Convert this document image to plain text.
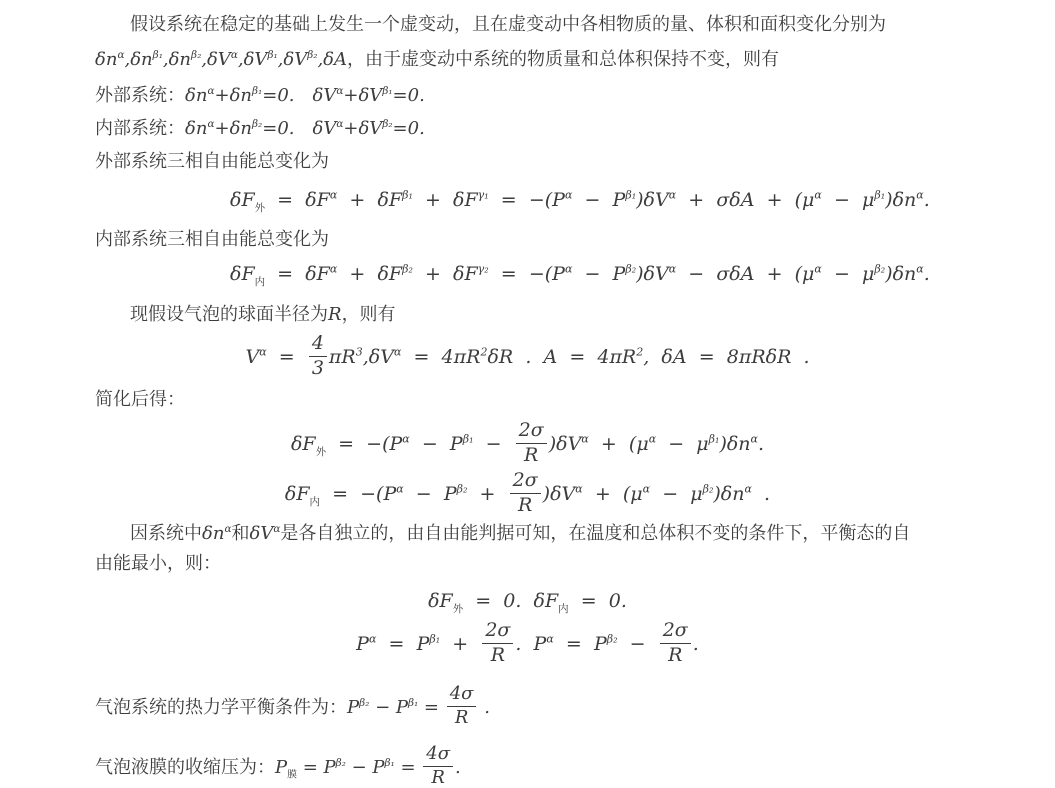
假设系统在稳定的基础上发生一个虚变动，且在虚变动中各相物质的量、体积和面积变化分别为
$\delta n^\alpha,\delta n^{\beta_1},\delta n^{\beta_2},\delta V^\alpha,\delta V^{\beta_1},\delta V^{\beta_2},\delta A$，由于虚变动中系统的物质量和总体积保持不变，则有
外部系统：$\delta n^\alpha+\delta n^{\beta_1}=0$.  $\delta V^\alpha+\delta V^{\beta_1}=0$.
内部系统：$\delta n^\alpha+\delta n^{\beta_2}=0$.  $\delta V^\alpha+\delta V^{\beta_2}=0$.
外部系统三相自由能总变化为
$\delta F_外 = \delta F^\alpha + \delta F^{\beta_1} + \delta F^{\gamma_1} = -(P^\alpha - P^{\beta_1})\delta V^\alpha + \sigma\delta A + (\mu^\alpha - \mu^{\beta_1})\delta n^\alpha$.
内部系统三相自由能总变化为
$\delta F_内 = \delta F^\alpha + \delta F^{\beta_2} + \delta F^{\gamma_2} = -(P^\alpha - P^{\beta_2})\delta V^\alpha - \sigma\delta A + (\mu^\alpha - \mu^{\beta_2})\delta n^\alpha$.
现假设气泡的球面半径为R，则有
$V^\alpha = \frac{4}{3} \pi R^3,\delta V^\alpha = 4\pi R^2\delta R$ . $A = 4\pi R^2$, δA = 8πRδR .
简化后得：
$\delta F_外 = -(P^\alpha - P^{\beta_1} - \frac{2\sigma}{R} )\delta V^\alpha + (\mu^\alpha - \mu^{\beta_1})\delta n^\alpha$.
$\delta F_内 = -(P^\alpha - P^{\beta_2} + \frac{2\sigma}{R} )\delta V^\alpha + (\mu^\alpha - \mu^{\beta_2})\delta n^\alpha$ .
因系统中$\delta n^\alpha$和$\delta V^\alpha$是各自独立的，由自由能判据可知，在温度和总体积不变的条件下，平衡态的自
由能最小，则：
$\delta F_外 = 0$. $\delta F_内 = 0$.
$P^\alpha = P^{\beta_1} + \frac{2\sigma}{R}$ . $P^\alpha = P^{\beta_2} - \frac{2\sigma}{R}$ .
气泡系统的热力学平衡条件为：$P^{\beta_2} - P^{\beta_1} = \frac{4\sigma}{R}$ .
气泡液膜的收缩压为：$P_膜 = P^{\beta_2} - P^{\beta_1} = \frac{4\sigma}{R}$ .
